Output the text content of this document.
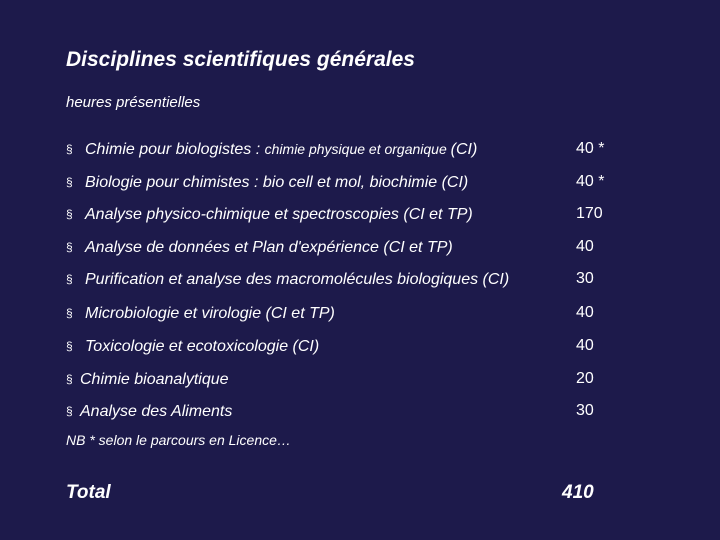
Disciplines scientifiques générales
heures présentielles
§ Chimie pour biologistes : chimie physique et organique (CI)	40 *
§ Biologie pour chimistes : bio cell et mol, biochimie (CI)	40 *
§ Analyse physico-chimique et spectroscopies (CI et TP)	170
§ Analyse de données et Plan d'expérience (CI et TP)	40
§ Purification et analyse des macromolécules biologiques (CI)	30
§ Microbiologie et virologie (CI et TP)	40
§ Toxicologie et ecotoxicologie (CI)	40
§ Chimie bioanalytique	20
§ Analyse des Aliments	30
NB * selon le parcours en Licence…
Total	410
